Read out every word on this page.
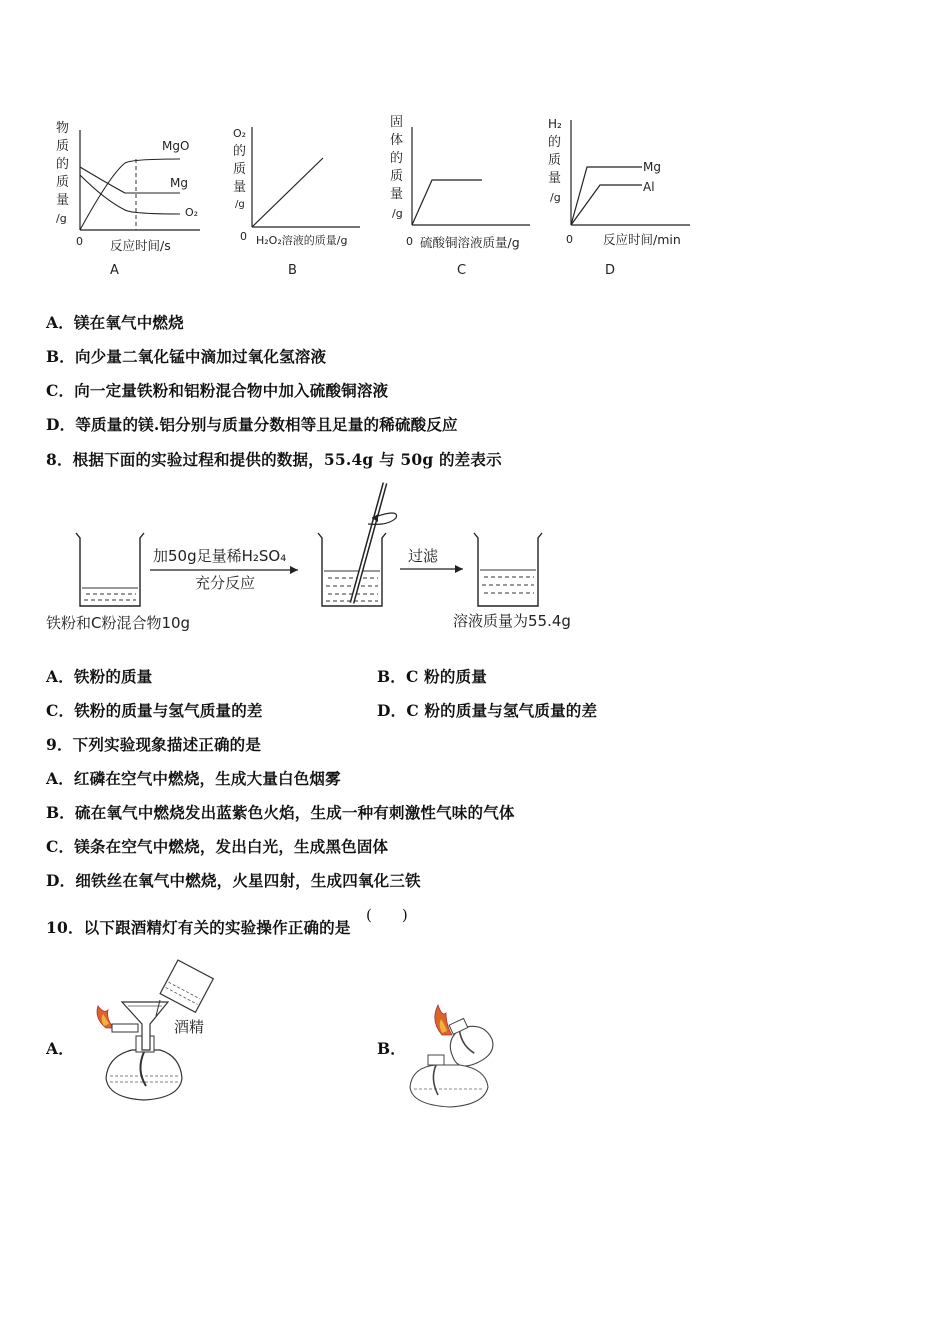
物
质
的
质
量
/g
0 反应时间/s
MgO
Mg
O₂
A
O₂
的
质
量
/g
0 H₂O₂溶液的质量/g
B
固
体
的
质
量
/g
0 硫酸铜溶液质量/g
C
H₂
的
质
量
/g
Mg
Al
0 反应时间/min
D
A．镁在氧气中燃烧
B．向少量二氧化锰中滴加过氧化氢溶液
C．向一定量铁粉和铝粉混合物中加入硫酸铜溶液
D．等质量的镁.铝分别与质量分数相等且足量的稀硫酸反应
8．根据下面的实验过程和提供的数据，55.4g 与 50g 的差表示
铁粉和C粉混合物10g
加50g足量稀H₂SO₄
充分反应
过滤
溶液质量为55.4g
A．铁粉的质量	B．C 粉的质量
C．铁粉的质量与氢气质量的差	D．C 粉的质量与氢气质量的差
9．下列实验现象描述正确的是
A．红磷在空气中燃烧，生成大量白色烟雾
B．硫在氧气中燃烧发出蓝紫色火焰，生成一种有刺激性气味的气体
C．镁条在空气中燃烧，发出白光，生成黑色固体
D．细铁丝在氧气中燃烧，火星四射，生成四氧化三铁
10．以下跟酒精灯有关的实验操作正确的是
(　　)
A．
酒精
B．
